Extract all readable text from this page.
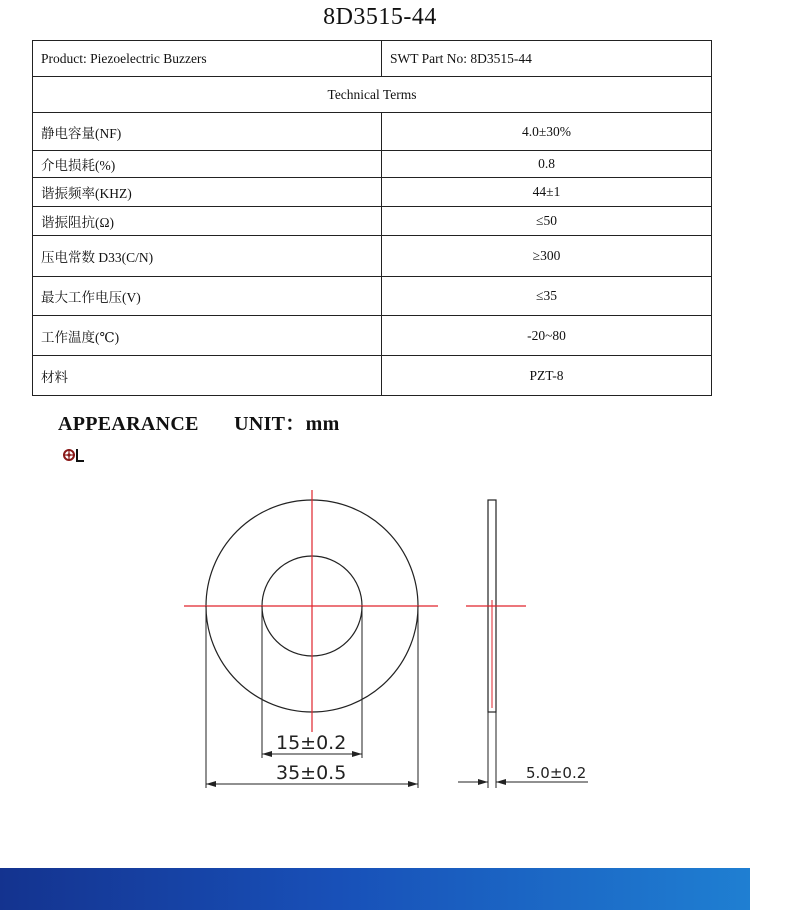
8D3515-44
Product: Piezoelectric Buzzers	SWT Part No: 8D3515-44
Technical Terms	
静电容量(NF)	4.0±30%
介电损耗(%)	0.8
谐振频率(KHZ)	44±1
谐振阻抗(Ω)	≤50
压电常数 D33(C/N)	≥300
最大工作电压(V)	≤35
工作温度(℃)	-20~80
材料	PZT-8
APPEARANCE UNIT：mm
15±0.2
35±0.5	5.0±0.2
